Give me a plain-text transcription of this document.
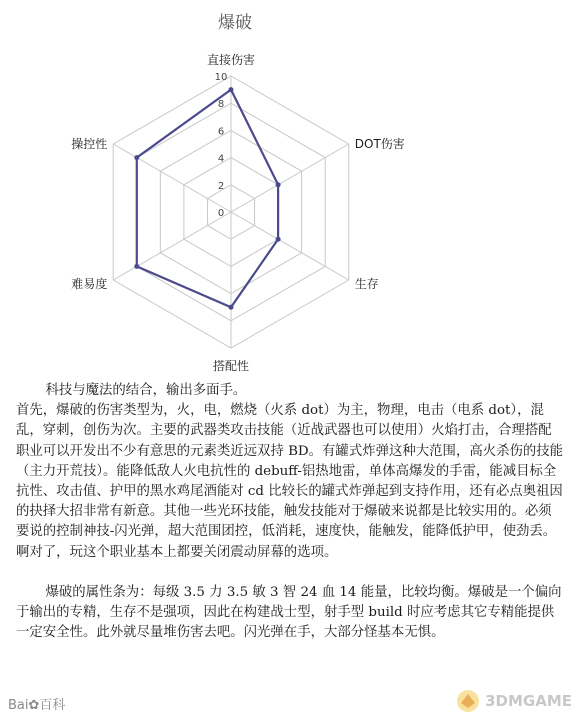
爆破
0
2
4
6
8
10
直接伤害
DOT伤害
生存
搭配性
难易度
操控性

科技与魔法的结合，输出多面手。

首先，爆破的伤害类型为，火，电，燃烧（火系 dot）为主，物理，电击（电系 dot），混乱，穿刺，创伤为次。主要的武器类攻击技能（近战武器也可以使用）火焰打击，合理搭配职业可以开发出不少有意思的元素类近远双持 BD。有罐式炸弹这种大范围，高火杀伤的技能（主力开荒技）。能降低敌人火电抗性的 debuff-铝热地雷，单体高爆发的手雷，能减目标全抗性、攻击值、护甲的黑水鸡尾酒能对 cd 比较长的罐式炸弹起到支持作用，还有必点奥祖因的抉择大招非常有新意。其他一些光环技能，触发技能对于爆破来说都是比较实用的。必须要说的控制神技-闪光弹，超大范围团控，低消耗，速度快，能触发，能降低护甲，使劲丢。啊对了，玩这个职业基本上都要关闭震动屏幕的选项。

爆破的属性条为：每级 3.5 力 3.5 敏 3 智 24 血 14 能量，比较均衡。爆破是一个偏向于输出的专精，生存不是强项，因此在构建战士型，射手型 build 时应考虑其它专精能提供一定安全性。此外就尽量堆伤害去吧。闪光弹在手，大部分怪基本无惧。

Bai✿百科	3DMGAME
